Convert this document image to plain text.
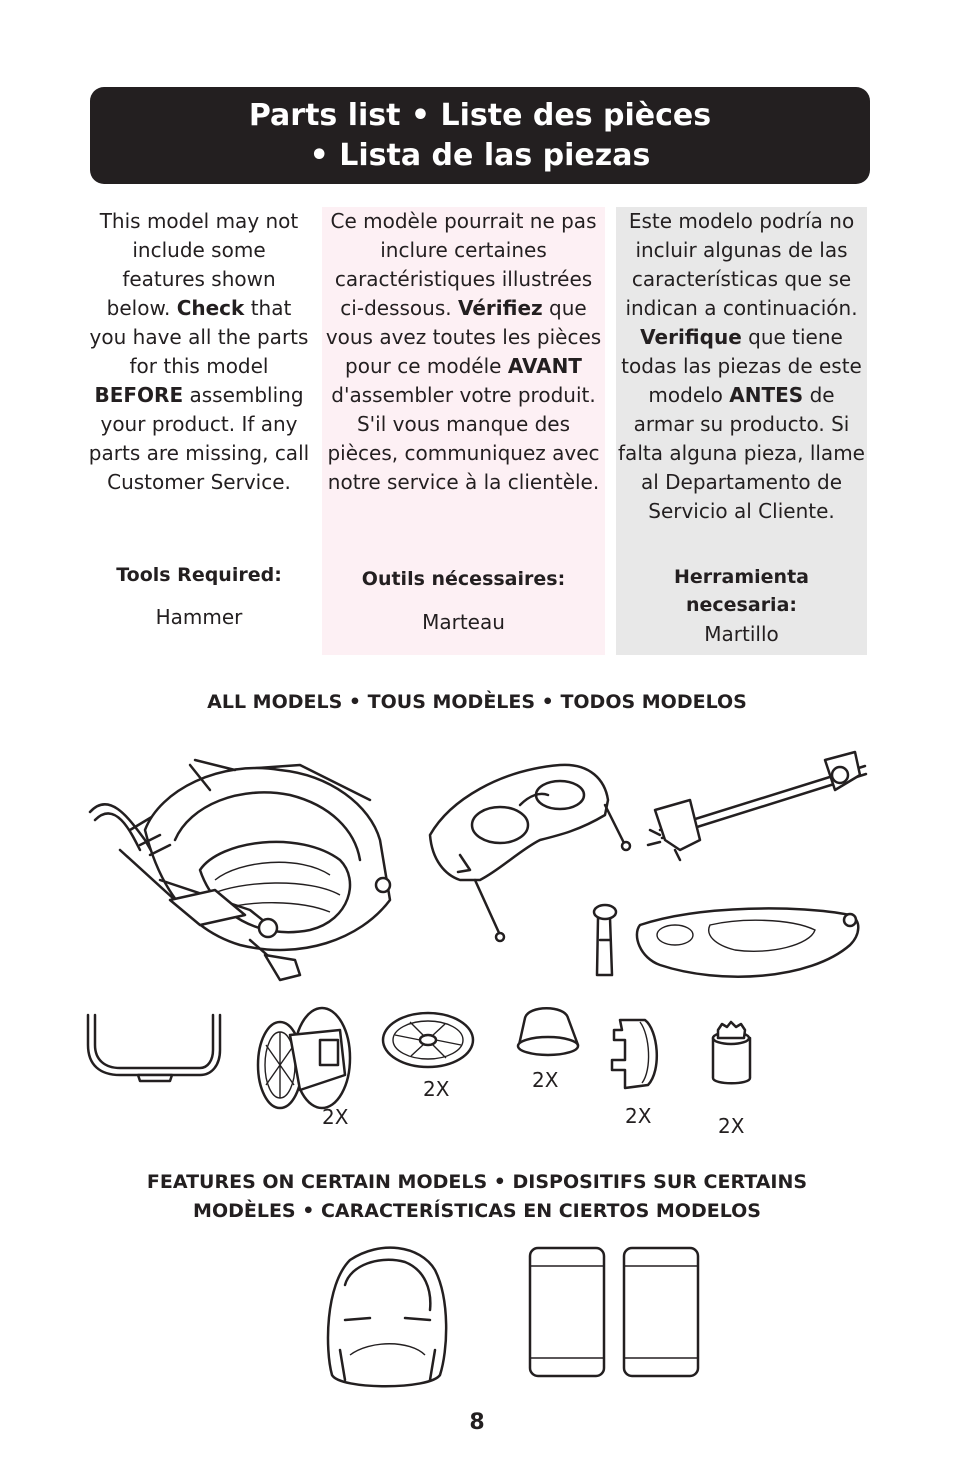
Parts list • Liste des pièces
• Lista de las piezas
This model may not include some features shown below. Check that you have all the parts for this model BEFORE assembling your product. If any parts are missing, call Customer Service.
Tools Required:
Hammer
Ce modèle pourrait ne pas inclure certaines caractéristiques illustrées ci-dessous. Vérifiez que vous avez toutes les pièces pour ce modéle AVANT d'assembler votre produit. S'il vous manque des pièces, communiquez avec notre service à la clientèle.
Outils nécessaires:
Marteau
Este modelo podría no incluir algunas de las características que se indican a continuación. Verifique que tiene todas las piezas de este modelo ANTES de armar su producto. Si falta alguna pieza, llame al Departamento de Servicio al Cliente.
Herramienta necesaria:
Martillo
ALL MODELS • TOUS MODÈLES • TODOS MODELOS
2X
2X	2X
2X	2X
FEATURES ON CERTAIN MODELS • DISPOSITIFS SUR CERTAINS
MODÈLES • CARACTERÍSTICAS EN CIERTOS MODELOS
8
